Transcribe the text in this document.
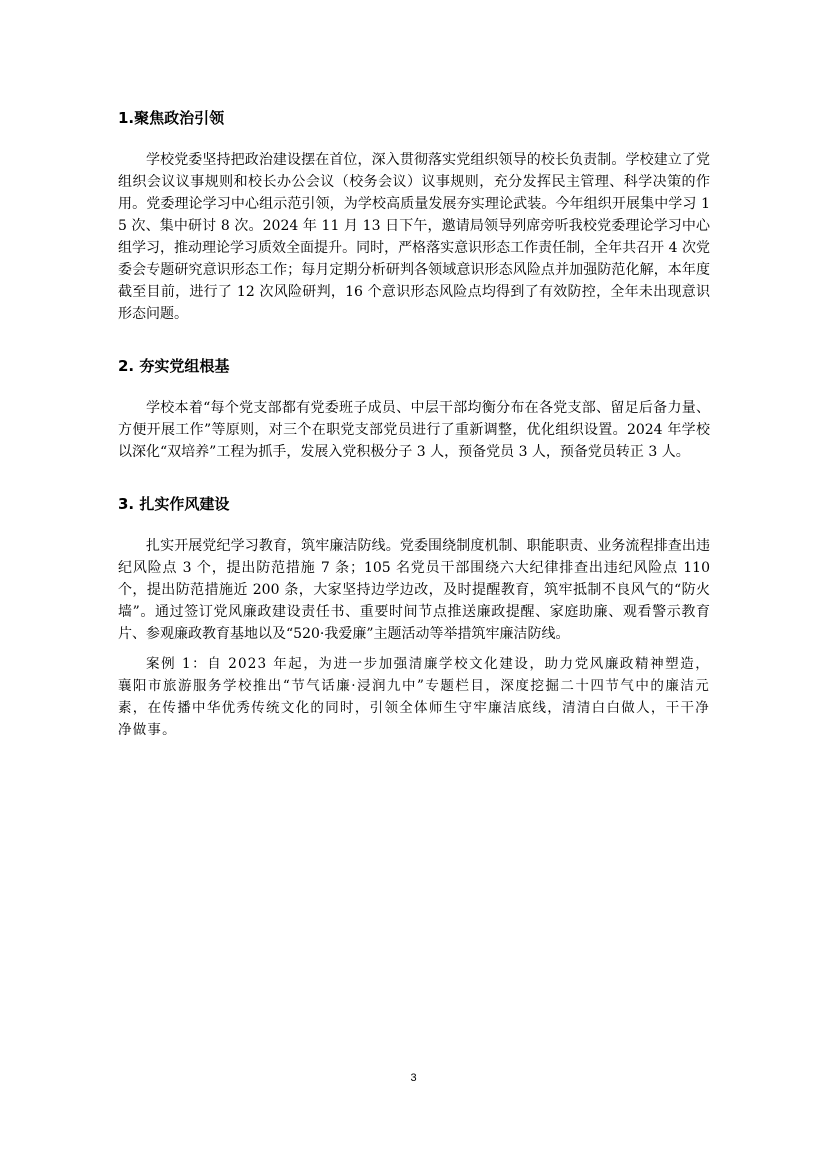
1.聚焦政治引领

学校党委坚持把政治建设摆在首位，深入贯彻落实党组织领导的校长负责制。学校建立了党组织会议议事规则和校长办公会议（校务会议）议事规则，充分发挥民主管理、科学决策的作用。党委理论学习中心组示范引领，为学校高质量发展夯实理论武装。今年组织开展集中学习 15 次、集中研讨 8 次。2024 年 11 月 13 日下午，邀请局领导列席旁听我校党委理论学习中心组学习，推动理论学习质效全面提升。同时，严格落实意识形态工作责任制，全年共召开 4 次党委会专题研究意识形态工作；每月定期分析研判各领域意识形态风险点并加强防范化解，本年度截至目前，进行了 12 次风险研判，16 个意识形态风险点均得到了有效防控，全年未出现意识形态问题。

2. 夯实党组根基

学校本着“每个党支部都有党委班子成员、中层干部均衡分布在各党支部、留足后备力量、方便开展工作”等原则，对三个在职党支部党员进行了重新调整，优化组织设置。2024 年学校以深化“双培养”工程为抓手，发展入党积极分子 3 人，预备党员 3 人，预备党员转正 3 人。

3. 扎实作风建设

扎实开展党纪学习教育，筑牢廉洁防线。党委围绕制度机制、职能职责、业务流程排查出违纪风险点 3 个，提出防范措施 7 条；105 名党员干部围绕六大纪律排查出违纪风险点 110 个，提出防范措施近 200 条，大家坚持边学边改，及时提醒教育，筑牢抵制不良风气的“防火墙”。通过签订党风廉政建设责任书、重要时间节点推送廉政提醒、家庭助廉、观看警示教育片、参观廉政教育基地以及“520·我爱廉”主题活动等举措筑牢廉洁防线。

案例 1：自 2023 年起，为进一步加强清廉学校文化建设，助力党风廉政精神塑造，襄阳市旅游服务学校推出“节气话廉·浸润九中”专题栏目，深度挖掘二十四节气中的廉洁元素，在传播中华优秀传统文化的同时，引领全体师生守牢廉洁底线，清清白白做人，干干净净做事。

3
